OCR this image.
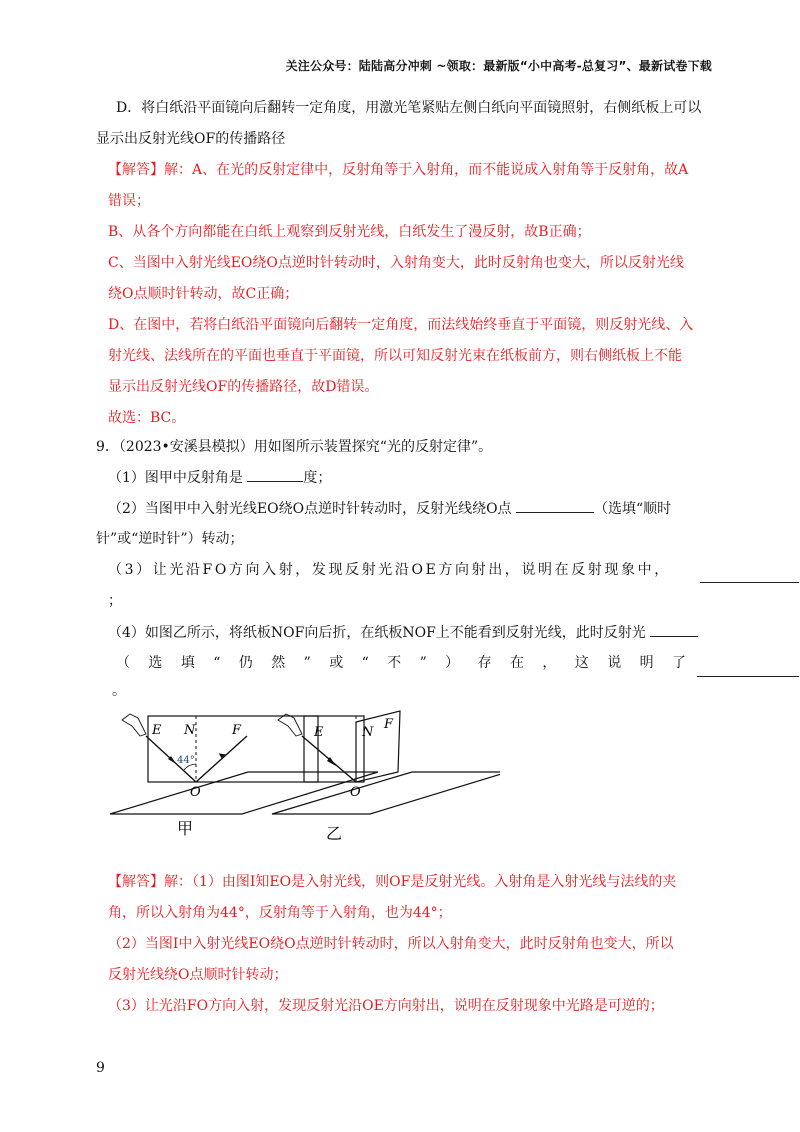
关注公众号：陆陆高分冲刺 ~领取：最新版“小中高考-总复习”、最新试卷下载
D．将白纸沿平面镜向后翻转一定角度，用激光笔紧贴左侧白纸向平面镜照射，右侧纸板上可以
显示出反射光线OF的传播路径
【解答】解：A、在光的反射定律中，反射角等于入射角，而不能说成入射角等于反射角，故A
错误；
B、从各个方向都能在白纸上观察到反射光线，白纸发生了漫反射，故B正确；
C、当图中入射光线EO绕O点逆时针转动时，入射角变大，此时反射角也变大，所以反射光线
绕O点顺时针转动，故C正确；
D、在图中，若将白纸沿平面镜向后翻转一定角度，而法线始终垂直于平面镜，则反射光线、入
射光线、法线所在的平面也垂直于平面镜，所以可知反射光束在纸板前方，则右侧纸板上不能
显示出反射光线OF的传播路径，故D错误。
故选：BC。
9．（2023•安溪县模拟）用如图所示装置探究“光的反射定律”。
（1）图甲中反射角是	度；
（2）当图甲中入射光线EO绕O点逆时针转动时，反射光线绕O点	（选填“顺时
针”或“逆时针”）转动；
（3）让光沿FO方向入射，发现反射光沿OE方向射出，说明在反射现象中，
；
（4）如图乙所示，将纸板NOF向后折，在纸板NOF上不能看到反射光线，此时反射光
（ 选 填 “ 仍 然 ” 或 “ 不 ” ） 存 在 ， 这 说 明 了
。
E N	F
O
44°
甲
E	N
F
O
乙
【解答】解：（1）由图I知EO是入射光线，则OF是反射光线。入射角是入射光线与法线的夹
角，所以入射角为44°，反射角等于入射角，也为44°；
（2）当图I中入射光线EO绕O点逆时针转动时，所以入射角变大，此时反射角也变大，所以
反射光线绕O点顺时针转动；
（3）让光沿FO方向入射，发现反射光沿OE方向射出，说明在反射现象中光路是可逆的；
9
